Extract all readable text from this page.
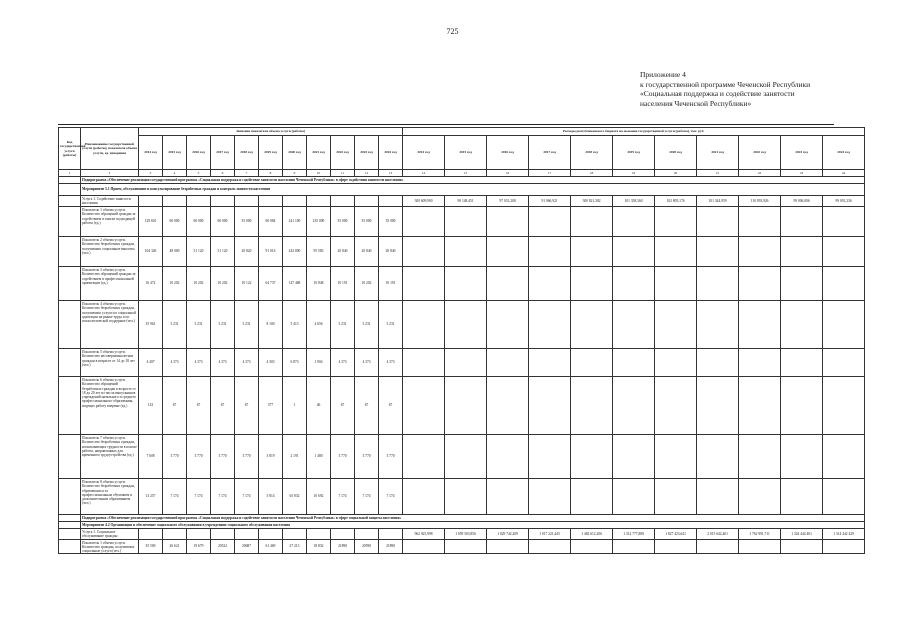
725
Приложение 4
к государственной программе Чеченской Республики
«Социальная поддержка и содействие занятости
населения Чеченской Республики»
Код государственной услуги (работы)	Наименование государственной услуги (работы), показателя объема услуги, ед. измерения	Значение показателя объема услуги (работы)											Расходы республиканского бюджета на оказание государственной услуги (работы), тыс. руб.										
		2014 год	2015 год	2016 год	2017 год	2018 год	2019 год	2020 год	2021 год	2022 год	2023 год	2024 год	2014 год	2015 год	2016 год	2017 год	2018 год	2019 год	2020 год	2021 год	2022 год	2023 год	2024 год
1	2	3	4	5	6	7	8	9	10	11	12	13	14	15	16	17	18	19	20	21	22	23	24
	Подпрограмма «Обеспечение реализации государственной программы «Социальная поддержка и содействие занятости населения Чеченской Республики» в сфере содействия занятости населения»																						
	Мероприятие 5.1 Прием, обслуживание и консультирование безработных граждан и контроль занятости населения																						
	Услуга 1. Содействие занятости населения												300 609,900	90 148,451	97 031,208	91 066,921	300 821,382	101 338,360	102 805,176	101 344,959	110 093,926	99 006,006	99 091,236
	Показатель 1 объема услуги. Количество обращений граждан за содействием в поиске подходящей работы (ед.)	129 601	60 000	60 000	60 000	35 000	60 084	241 100	235 000	35 000	35 000	35 000											
	Показатель 2 объема услуги. Количество безработных граждан, получивших социальные выплаты (чел.)	104 326	48 000	51 120	51 120	20 820	91 016	243 000	95 583	20 840	20 840	20 840											
	Показатель 3 объема услуги. Количество обращений граждан за содействием в профессиональной ориентации (ед.)	16 472	10 202	10 202	10 202	10 122	64 737	147 468	10 848	10 191	10 202	10 191											
	Показатель 4 объема услуги. Количество безработных граждан, получивших услуги по социальной адаптации на рынке труда и по психологической поддержке (чел.)	35 961	3 231	3 231	3 231	3 231	8 100	5 413	4 656	3 231	3 231	3 231											
	Показатель 5 объема услуги. Количество несовершеннолетних граждан в возрасте от 14 до 18 лет (чел.)	4 407	4 373	4 373	4 373	4 373	4 303	6 873	1 904	4 373	4 373	4 373											
	Показатель 6 объема услуги. Количество обращений безработных граждан в возрасте от 18 до 20 лет из числа выпускников учреждений начального и среднего профессионального образования, ищущих работу впервые (ед.)	143	67	67	67	67	377	1	46	67	67	67											
	Показатель 7 объема услуги. Количество безработных граждан, испытывающих трудности в поиске работы, направленных для временного трудоустройства (ед.)	7 608	3 770	3 770	3 770	3 770	3 819	2 191	1 480	3 770	3 770	3 770											
	Показатель 8 объема услуги. Количество безработных граждан, обратившихся за профессиональным обучением и дополнительным образованием (чел.)	13 257	7 174	7 174	7 174	7 174	5 814	65 832	10 692	7 174	7 174	7 174											
	Подпрограмма «Обеспечение реализации государственной программы «Социальная поддержка и содействие занятости населения Чеченской Республики» в сфере социальной защиты населения»																						
	Мероприятие 4.2 Организация и обеспечение социального обслуживания в учреждениях социального обслуживания населения																						
	Услуга 1. Социальное обслуживание граждан												962 025,998	1 059 503,856	1 029 742,209	1 017 221,445	1 482 612,206	1 312 777,808	1 827 423,641	2 015 642,461	1 762 991,711	1 324 444 401	1 314 442 429
	Показатель 1 объема услуги. Количество граждан, получивших социальные услуги (чел.)	35 500	26 621	19 679	20522	20687	61 469	27 213	18 832	21890	20590	21890											
